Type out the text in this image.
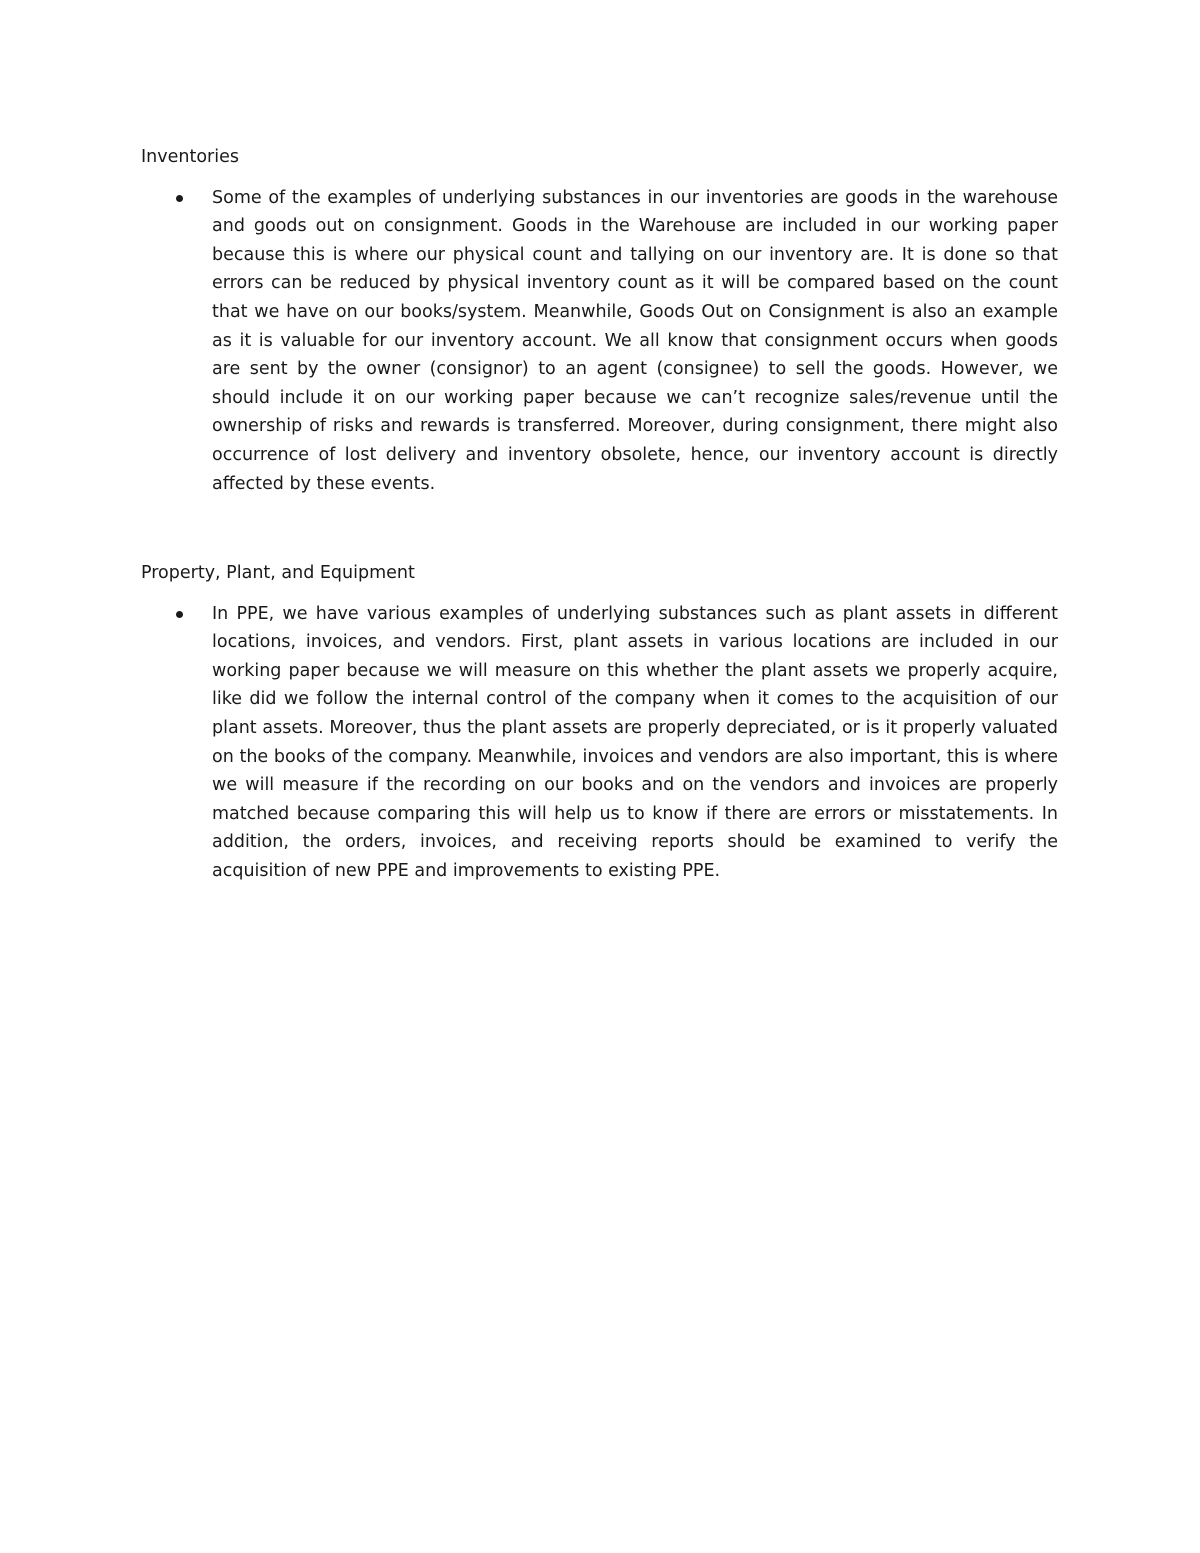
Inventories

Some of the examples of underlying substances in our inventories are goods in the warehouse and goods out on consignment. Goods in the Warehouse are included in our working paper because this is where our physical count and tallying on our inventory are. It is done so that errors can be reduced by physical inventory count as it will be compared based on the count that we have on our books/system. Meanwhile, Goods Out on Consignment is also an example as it is valuable for our inventory account. We all know that consignment occurs when goods are sent by the owner (consignor) to an agent (consignee) to sell the goods. However, we should include it on our working paper because we can’t recognize sales/revenue until the ownership of risks and rewards is transferred. Moreover, during consignment, there might also occurrence of lost delivery and inventory obsolete, hence, our inventory account is directly affected by these events.

Property, Plant, and Equipment

In PPE, we have various examples of underlying substances such as plant assets in different locations, invoices, and vendors. First, plant assets in various locations are included in our working paper because we will measure on this whether the plant assets we properly acquire, like did we follow the internal control of the company when it comes to the acquisition of our plant assets. Moreover, thus the plant assets are properly depreciated, or is it properly valuated on the books of the company. Meanwhile, invoices and vendors are also important, this is where we will measure if the recording on our books and on the vendors and invoices are properly matched because comparing this will help us to know if there are errors or misstatements. In addition, the orders, invoices, and receiving reports should be examined to verify the acquisition of new PPE and improvements to existing PPE.
